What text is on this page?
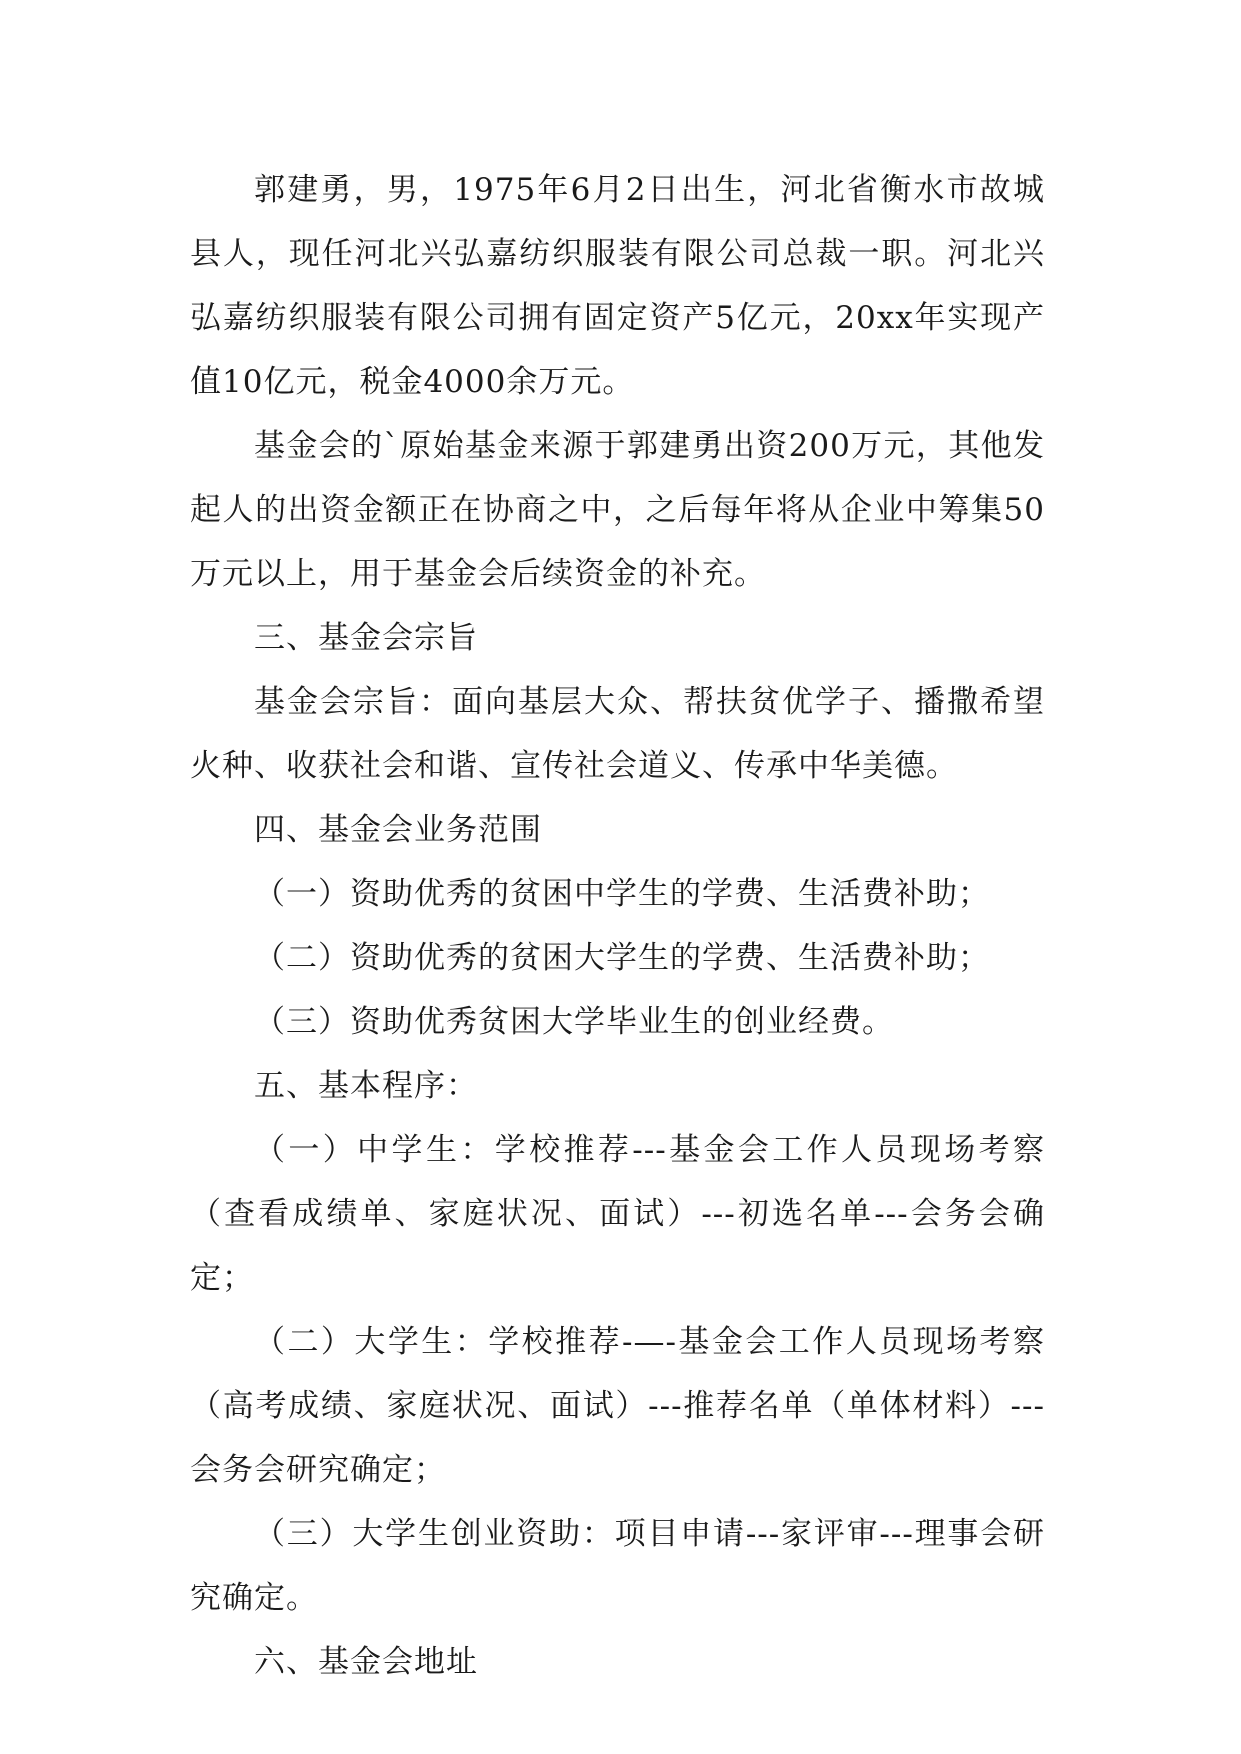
郭建勇，男，1975年6月2日出生，河北省衡水市故城县人，现任河北兴弘嘉纺织服装有限公司总裁一职。河北兴弘嘉纺织服装有限公司拥有固定资产5亿元，20xx年实现产值10亿元，税金4000余万元。

基金会的`原始基金来源于郭建勇出资200万元，其他发起人的出资金额正在协商之中，之后每年将从企业中筹集50万元以上，用于基金会后续资金的补充。

三、基金会宗旨

基金会宗旨：面向基层大众、帮扶贫优学子、播撒希望火种、收获社会和谐、宣传社会道义、传承中华美德。

四、基金会业务范围

（一）资助优秀的贫困中学生的学费、生活费补助；

（二）资助优秀的贫困大学生的学费、生活费补助；

（三）资助优秀贫困大学毕业生的创业经费。

五、基本程序：

（一）中学生：学校推荐---基金会工作人员现场考察（查看成绩单、家庭状况、面试）---初选名单---会务会确定；

（二）大学生：学校推荐-—-基金会工作人员现场考察（高考成绩、家庭状况、面试）---推荐名单（单体材料）---会务会研究确定；

（三）大学生创业资助：项目申请---家评审---理事会研究确定。

六、基金会地址
